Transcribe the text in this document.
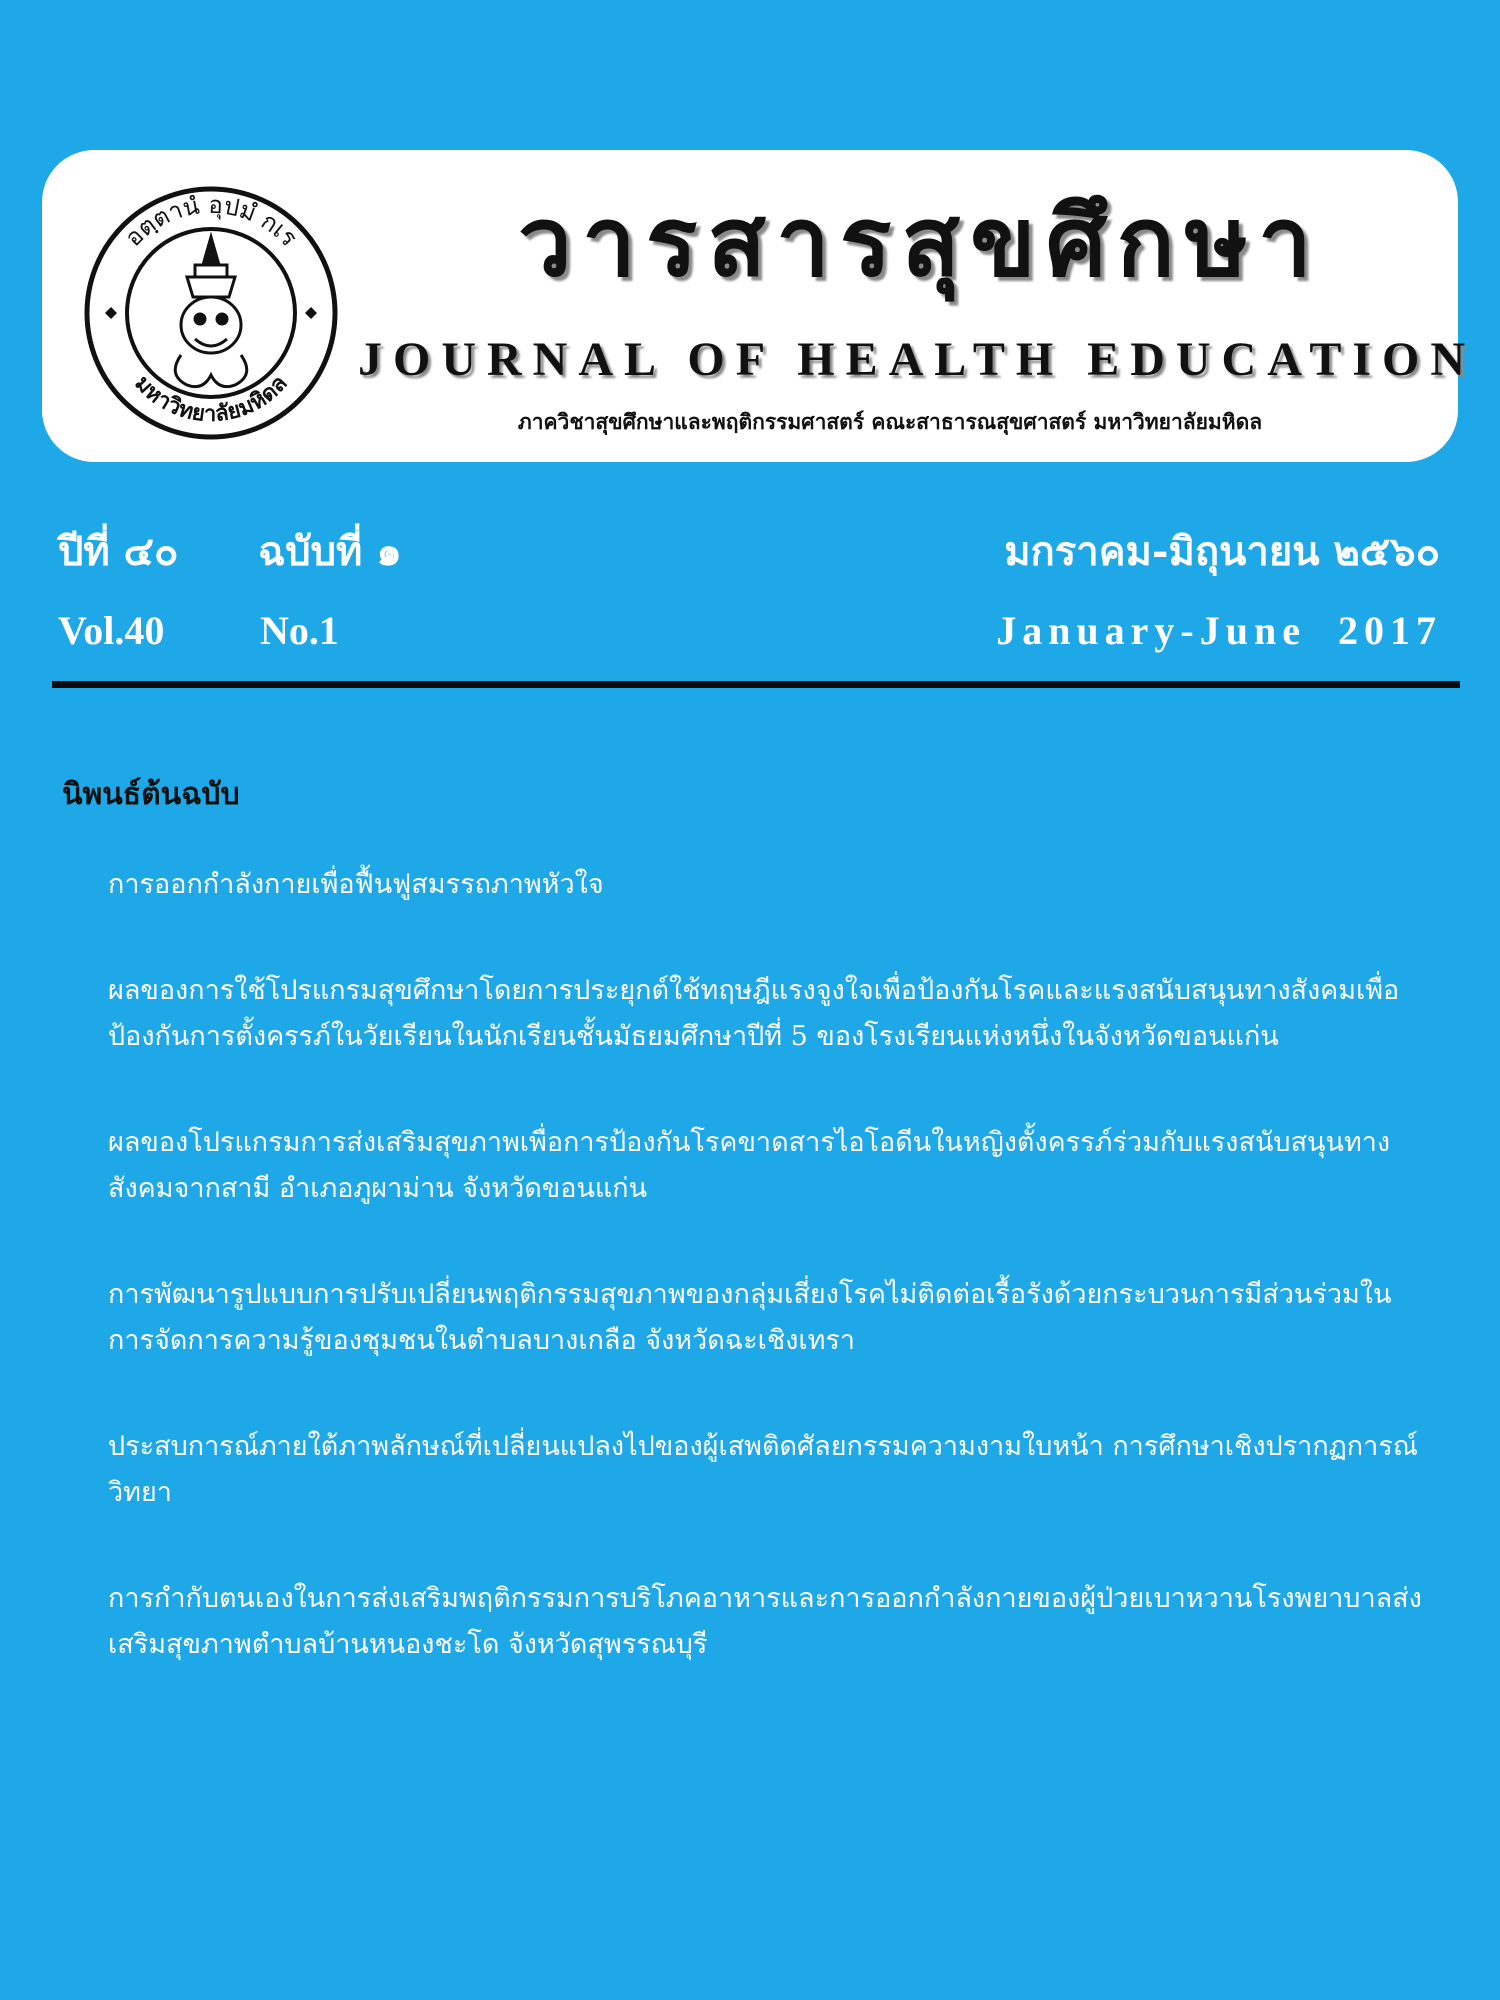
อตฺตานํ อุปมํ กเร
มหาวิทยาลัยมหิดล
วารสารสุขศึกษา
JOURNAL OF HEALTH EDUCATION
ภาควิชาสุขศึกษาและพฤติกรรมศาสตร์ คณะสาธารณสุขศาสตร์ มหาวิทยาลัยมหิดล
ปีที่ ๔๐ ฉบับที่ ๑	มกราคม-มิถุนายน ๒๕๖๐
Vol.40 No.1	January-June  2017
นิพนธ์ต้นฉบับ
การออกกำลังกายเพื่อฟื้นฟูสมรรถภาพหัวใจ
ผลของการใช้โปรแกรมสุขศึกษาโดยการประยุกต์ใช้ทฤษฎีแรงจูงใจเพื่อป้องกันโรคและแรงสนับสนุนทางสังคมเพื่อป้องกันการตั้งครรภ์ในวัยเรียนในนักเรียนชั้นมัธยมศึกษาปีที่ 5 ของโรงเรียนแห่งหนึ่งในจังหวัดขอนแก่น
ผลของโปรแกรมการส่งเสริมสุขภาพเพื่อการป้องกันโรคขาดสารไอโอดีนในหญิงตั้งครรภ์ร่วมกับแรงสนับสนุนทางสังคมจากสามี อำเภอภูผาม่าน จังหวัดขอนแก่น
การพัฒนารูปแบบการปรับเปลี่ยนพฤติกรรมสุขภาพของกลุ่มเสี่ยงโรคไม่ติดต่อเรื้อรังด้วยกระบวนการมีส่วนร่วมในการจัดการความรู้ของชุมชนในตำบลบางเกลือ จังหวัดฉะเชิงเทรา
ประสบการณ์ภายใต้ภาพลักษณ์ที่เปลี่ยนแปลงไปของผู้เสพติดศัลยกรรมความงามใบหน้า การศึกษาเชิงปรากฏการณ์วิทยา
การกำกับตนเองในการส่งเสริมพฤติกรรมการบริโภคอาหารและการออกกำลังกายของผู้ป่วยเบาหวานโรงพยาบาลส่งเสริมสุขภาพตำบลบ้านหนองชะโด จังหวัดสุพรรณบุรี
